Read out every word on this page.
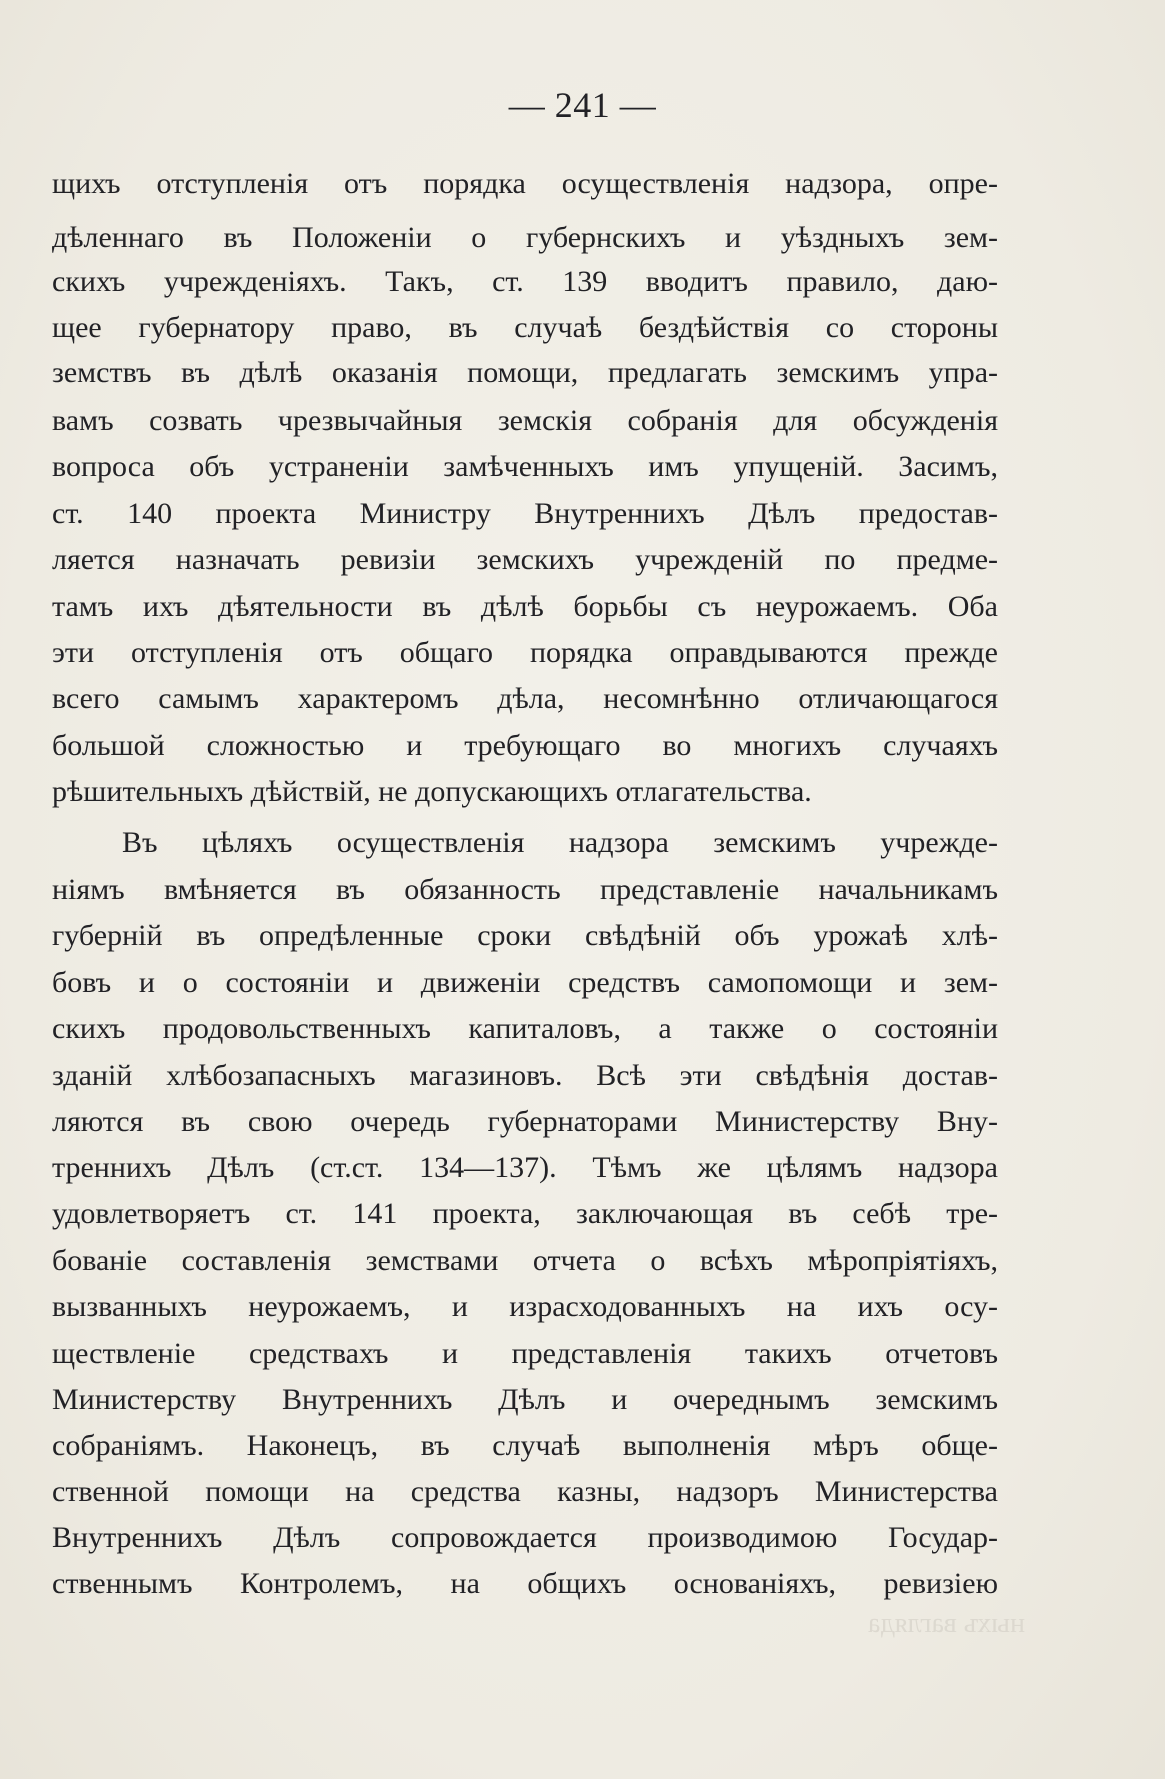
— 241 —
щихъ отступленія отъ порядка осуществленія надзора, опре-
дѣленнаго въ Положеніи о губернскихъ и уѣздныхъ зем-
скихъ учрежденіяхъ. Такъ, ст. 139 вводитъ правило, даю-
щее губернатору право, въ случаѣ бездѣйствія со стороны
земствъ въ дѣлѣ оказанія помощи, предлагать земскимъ упра-
вамъ созвать чрезвычайныя земскія собранія для обсужденія
вопроса объ устраненіи замѣченныхъ имъ упущеній. Засимъ,
ст. 140 проекта Министру Внутреннихъ Дѣлъ предостав-
ляется назначать ревизіи земскихъ учрежденій по предме-
тамъ ихъ дѣятельности въ дѣлѣ борьбы съ неурожаемъ. Оба
эти отступленія отъ общаго порядка оправдываются прежде
всего самымъ характеромъ дѣла, несомнѣнно отличающагося
большой сложностью и требующаго во многихъ случаяхъ
рѣшительныхъ дѣйствій, не допускающихъ отлагательства.
Въ цѣляхъ осуществленія надзора земскимъ учрежде-
ніямъ вмѣняется въ обязанность представленіе начальникамъ
губерній въ опредѣленные сроки свѣдѣній объ урожаѣ хлѣ-
бовъ и о состояніи и движеніи средствъ самопомощи и зем-
скихъ продовольственныхъ капиталовъ, а также о состояніи
зданій хлѣбозапасныхъ магазиновъ. Всѣ эти свѣдѣнія достав-
ляются въ свою очередь губернаторами Министерству Вну-
треннихъ Дѣлъ (ст.ст. 134—137). Тѣмъ же цѣлямъ надзора
удовлетворяетъ ст. 141 проекта, заключающая въ себѣ тре-
бованіе составленія земствами отчета о всѣхъ мѣропріятіяхъ,
вызванныхъ неурожаемъ, и израсходованныхъ на ихъ осу-
ществленіе средствахъ и представленія такихъ отчетовъ
Министерству Внутреннихъ Дѣлъ и очереднымъ земскимъ
собраніямъ. Наконецъ, въ случаѣ выполненія мѣръ обще-
ственной помощи на средства казны, надзоръ Министерства
Внутреннихъ Дѣлъ сопровождается производимою Государ-
ственнымъ Контролемъ, на общихъ основаніяхъ, ревизіею
ныхъ вагляда
